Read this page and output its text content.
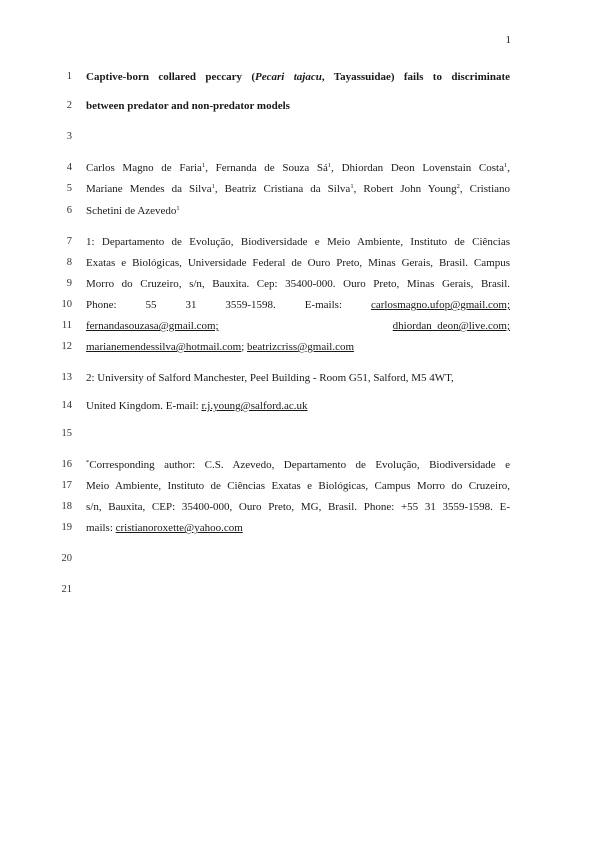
1
1
2
3
4
5
6
7
8
9
10
11
12
13
14
15
16
17
18
19
20
21
Captive-born collared peccary (Pecari tajacu, Tayassuidae) fails to discriminate
between predator and non-predator models
Carlos Magno de Faria$^1$, Fernanda de Souza $Sá^1$, Dhiordan Deon Lovenstain Costa$^1$,
Mariane Mendes da Silva$^1$, Beatriz Cristiana da Silva$^1$, Robert John Young$^2$, Cristiano
Schetini de Azevedo$^1$
1: Departamento de Evolução, Biodiversidade e Meio Ambiente, Instituto de Ciências
Exatas e Biológicas, Universidade Federal de Ouro Preto, Minas Gerais, Brasil. Campus
Morro do Cruzeiro, s/n, Bauxita. Cep: 35400-000. Ouro Preto, Minas Gerais, Brasil.
Phone:	55	31	3559-1598.	E-mails:	carlosmagno.ufop@gmail.com;
fernandasouzasa@gmail.com;	dhiordan_deon@live.com;
marianemendessilva@hotmail.com; beatrizcriss@gmail.com
2: University of Salford Manchester, Peel Building - Room G51, Salford, M5 4WT,
United Kingdom. E-mail: r.j.young@salford.ac.uk
*Corresponding author: C.S. Azevedo, Departamento de Evolução, Biodiversidade e
Meio Ambiente, Instituto de Ciências Exatas e Biológicas, Campus Morro do Cruzeiro,
s/n, Bauxita, CEP: 35400-000, Ouro Preto, MG, Brasil. Phone: +55 31 3559-1598. E-
mails: cristianoroxette@yahoo.com
